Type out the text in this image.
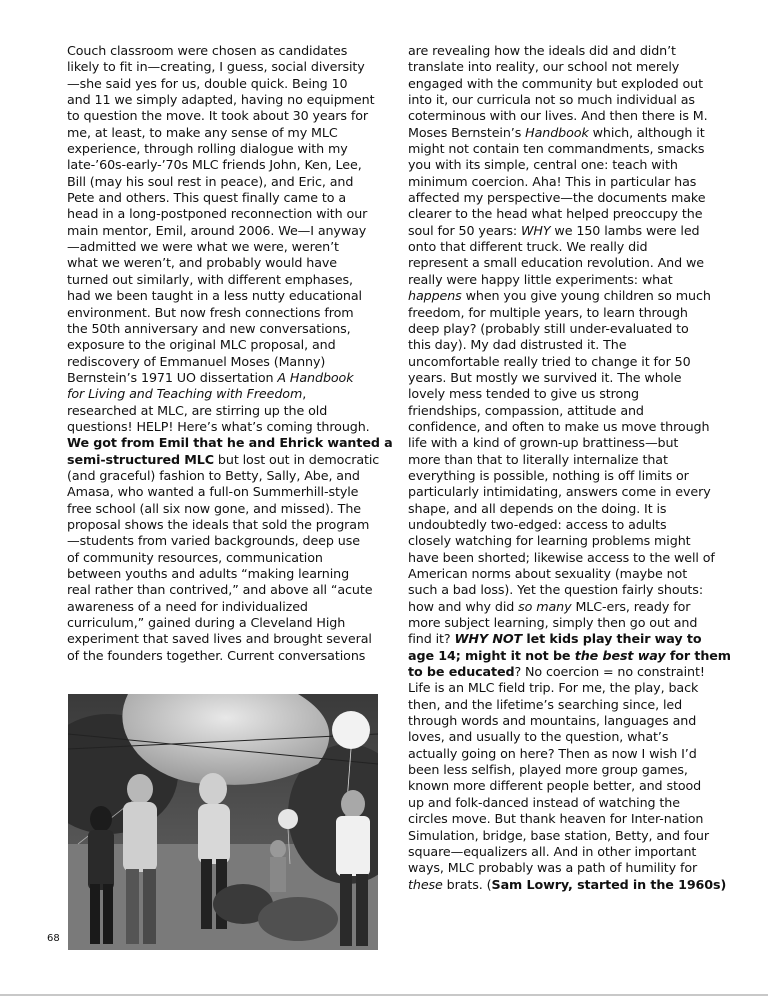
Couch classroom were chosen as candidates
likely to fit in—creating, I guess, social diversity
—she said yes for us, double quick. Being 10
and 11 we simply adapted, having no equipment
to question the move. It took about 30 years for
me, at least, to make any sense of my MLC
experience, through rolling dialogue with my
late-’60s-early-’70s MLC friends John, Ken, Lee,
Bill (may his soul rest in peace), and Eric, and
Pete and others. This quest finally came to a
head in a long-postponed reconnection with our
main mentor, Emil, around 2006. We—I anyway
—admitted we were what we were, weren’t
what we weren’t, and probably would have
turned out similarly, with different emphases,
had we been taught in a less nutty educational
environment. But now fresh connections from
the 50th anniversary and new conversations,
exposure to the original MLC proposal, and
rediscovery of Emmanuel Moses (Manny)
Bernstein’s 1971 UO dissertation A Handbook
for Living and Teaching with Freedom,
researched at MLC, are stirring up the old
questions! HELP! Here’s what’s coming through.
We got from Emil that he and Ehrick wanted a
semi-structured MLC but lost out in democratic
(and graceful) fashion to Betty, Sally, Abe, and
Amasa, who wanted a full-on Summerhill-style
free school (all six now gone, and missed). The
proposal shows the ideals that sold the program
—students from varied backgrounds, deep use
of community resources, communication
between youths and adults “making learning
real rather than contrived,” and above all “acute
awareness of a need for individualized
curriculum,” gained during a Cleveland High
experiment that saved lives and brought several
of the founders together. Current conversations
are revealing how the ideals did and didn’t
translate into reality, our school not merely
engaged with the community but exploded out
into it, our curricula not so much individual as
coterminous with our lives. And then there is M.
Moses Bernstein’s Handbook which, although it
might not contain ten commandments, smacks
you with its simple, central one: teach with
minimum coercion. Aha! This in particular has
affected my perspective—the documents make
clearer to the head what helped preoccupy the
soul for 50 years: WHY we 150 lambs were led
onto that different truck. We really did
represent a small education revolution. And we
really were happy little experiments: what
happens when you give young children so much
freedom, for multiple years, to learn through
deep play? (probably still under-evaluated to
this day). My dad distrusted it. The
uncomfortable really tried to change it for 50
years. But mostly we survived it. The whole
lovely mess tended to give us strong
friendships, compassion, attitude and
confidence, and often to make us move through
life with a kind of grown-up brattiness—but
more than that to literally internalize that
everything is possible, nothing is off limits or
particularly intimidating, answers come in every
shape, and all depends on the doing. It is
undoubtedly two-edged: access to adults
closely watching for learning problems might
have been shorted; likewise access to the well of
American norms about sexuality (maybe not
such a bad loss). Yet the question fairly shouts:
how and why did so many MLC-ers, ready for
more subject learning, simply then go out and
find it? WHY NOT let kids play their way to
age 14; might it not be the best way for them
to be educated? No coercion = no constraint!
Life is an MLC field trip. For me, the play, back
then, and the lifetime’s searching since, led
through words and mountains, languages and
loves, and usually to the question, what’s
actually going on here? Then as now I wish I’d
been less selfish, played more group games,
known more different people better, and stood
up and folk-danced instead of watching the
circles move. But thank heaven for Inter-nation
Simulation, bridge, base station, Betty, and four
square—equalizers all. And in other important
ways, MLC probably was a path of humility for
these brats. (Sam Lowry, started in the 1960s)
68
